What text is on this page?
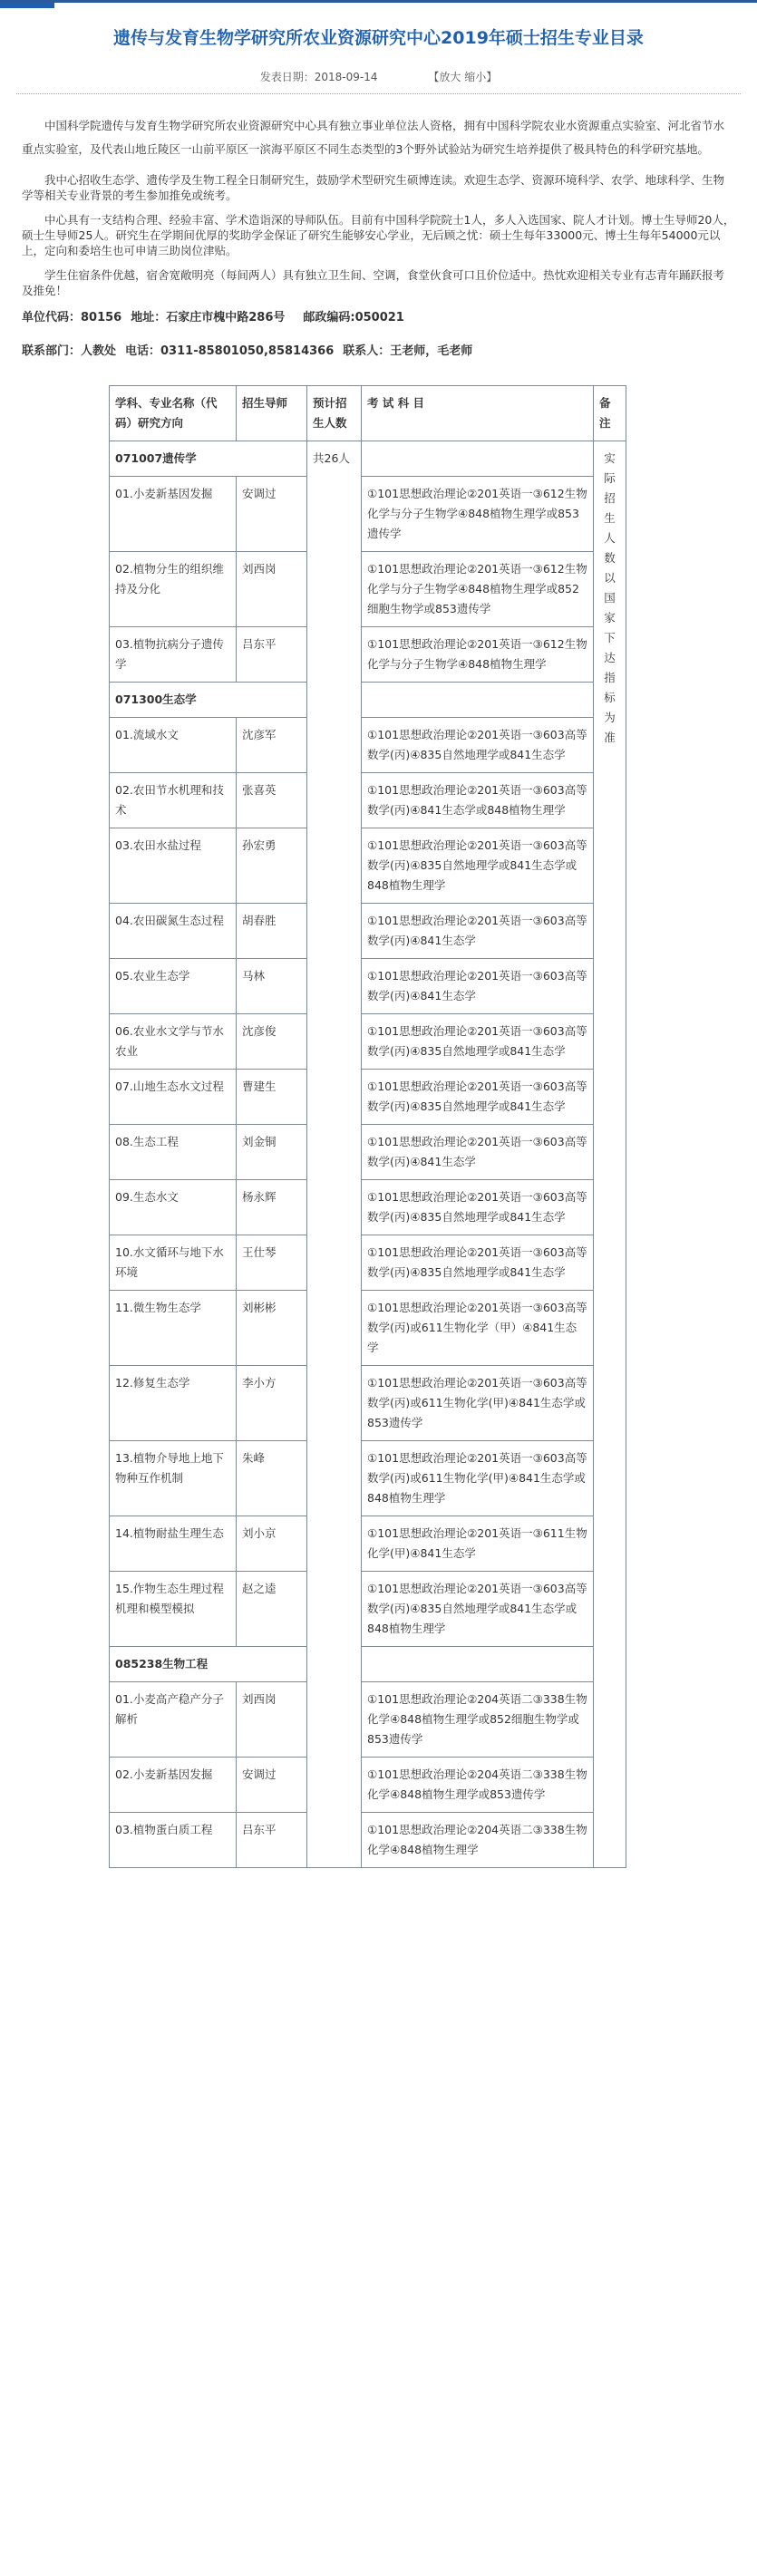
遗传与发育生物学研究所农业资源研究中心2019年硕士招生专业目录
发表日期：2018-09-14	【放大 缩小】

中国科学院遗传与发育生物学研究所农业资源研究中心具有独立事业单位法人资格，拥有中国科学院农业水资源重点实验室、河北省节水重点实验室，及代表山地丘陵区一山前平原区一滨海平原区不同生态类型的3个野外试验站为研究生培养提供了极具特色的科学研究基地。

我中心招收生态学、遗传学及生物工程全日制研究生，鼓励学术型研究生硕博连读。欢迎生态学、资源环境科学、农学、地球科学、生物学等相关专业背景的考生参加推免或统考。

中心具有一支结构合理、经验丰富、学术造诣深的导师队伍。目前有中国科学院院士1人，多人入选国家、院人才计划。博士生导师20人，硕士生导师25人。研究生在学期间优厚的奖助学金保证了研究生能够安心学业，无后顾之忧：硕士生每年33000元、博士生每年54000元以上，定向和委培生也可申请三助岗位津贴。

学生住宿条件优越，宿舍宽敞明亮（每间两人）具有独立卫生间、空调，食堂伙食可口且价位适中。热忱欢迎相关专业有志青年踊跃报考及推免！

单位代码：80156 地址：石家庄市槐中路286号 邮政编码:050021
联系部门：人教处 电话：0311-85801050,85814366 联系人：王老师，毛老师
学科、专业名称（代码）研究方向	招生导师	预计招生人数	考 试 科 目	备注
071007遗传学		共26人		实际招生人数以国家下达指标为准

01.小麦新基因发掘	安调过		①101思想政治理论②201英语一③612生物化学与分子生物学④848植物生理学或853遗传学	
02.植物分生的组织维持及分化	刘西岗		①101思想政治理论②201英语一③612生物化学与分子生物学④848植物生理学或852细胞生物学或853遗传学	
03.植物抗病分子遗传学	吕东平		①101思想政治理论②201英语一③612生物化学与分子生物学④848植物生理学	
071300生态学				
01.流域水文	沈彦军		①101思想政治理论②201英语一③603高等数学(丙)④835自然地理学或841生态学	
02.农田节水机理和技术	张喜英		①101思想政治理论②201英语一③603高等数学(丙)④841生态学或848植物生理学	
03.农田水盐过程	孙宏勇		①101思想政治理论②201英语一③603高等数学(丙)④835自然地理学或841生态学或848植物生理学	
04.农田碳氮生态过程	胡春胜		①101思想政治理论②201英语一③603高等数学(丙)④841生态学	
05.农业生态学	马林		①101思想政治理论②201英语一③603高等数学(丙)④841生态学	
06.农业水文学与节水农业	沈彦俊		①101思想政治理论②201英语一③603高等数学(丙)④835自然地理学或841生态学	
07.山地生态水文过程	曹建生		①101思想政治理论②201英语一③603高等数学(丙)④835自然地理学或841生态学	
08.生态工程	刘金铜		①101思想政治理论②201英语一③603高等数学(丙)④841生态学	
09.生态水文	杨永辉		①101思想政治理论②201英语一③603高等数学(丙)④835自然地理学或841生态学	
10.水文循环与地下水环境	王仕琴		①101思想政治理论②201英语一③603高等数学(丙)④835自然地理学或841生态学	
11.微生物生态学	刘彬彬		①101思想政治理论②201英语一③603高等数学(丙)或611生物化学（甲）④841生态学	
12.修复生态学	李小方		①101思想政治理论②201英语一③603高等数学(丙)或611生物化学(甲)④841生态学或853遗传学	
13.植物介导地上地下物种互作机制	朱峰		①101思想政治理论②201英语一③603高等数学(丙)或611生物化学(甲)④841生态学或848植物生理学	
14.植物耐盐生理生态	刘小京		①101思想政治理论②201英语一③611生物化学(甲)④841生态学	
15.作物生态生理过程机理和模型模拟	赵之逵		①101思想政治理论②201英语一③603高等数学(丙)④835自然地理学或841生态学或848植物生理学	
085238生物工程				
01.小麦高产稳产分子解析	刘西岗		①101思想政治理论②204英语二③338生物化学④848植物生理学或852细胞生物学或853遗传学	
02.小麦新基因发掘	安调过		①101思想政治理论②204英语二③338生物化学④848植物生理学或853遗传学	
03.植物蛋白质工程	吕东平		①101思想政治理论②204英语二③338生物化学④848植物生理学	
